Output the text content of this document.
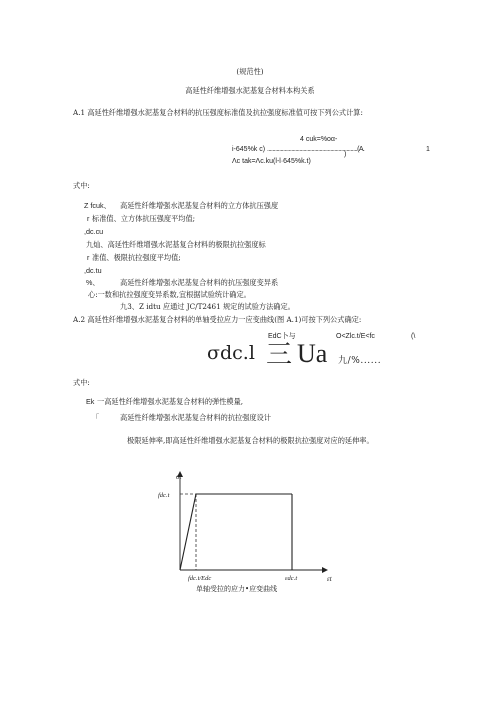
(规范性)
高延性纤维增强水泥基复合材料本构关系
A.1 高延性纤维增强水泥基复合材料的抗压强度标准值及抗拉强度标准值可按下列公式计算:
4 cuk=%oα-
i-645%k c) ...................................................................(A.	1
)
Λc tak=Λc.ku(l-l·645%k.t)
式中:
Z fcuk、 高延性纤维增强水泥基复合材料的立方体抗压强度
r 标准值、立方体抗压强度平均值;
,dc.cu
九灿、高延性纤维增强水泥基复合材料的极限抗拉强度标
r 准值、极限抗拉强度平均值;
,dc.tu
%、	高延性纤维增强水泥基复合材料的抗压强度变异系
心:一数和抗拉强度变异系数,宜根据试验统计确定。
九3、Z idtu 应通过 JC/T2461 规定的试验方法确定。
A.2 高延性纤维增强水泥基复合材料的单轴受拉应力一应变曲线(图 A.1)可按下列公式确定:
EdC卜与	O<Zlc.t/E<fc	(\
σdc.l 三 Ua 九/%......
式中:
Ek 一高延性纤维增强水泥基复合材料的弹性模量,
「	高延性纤维增强水泥基复合材料的抗拉强度设计
极限延伸率,即高延性纤维增强水泥基复合材料的极限抗拉强度对应的延伸率。
σt
fdc.t
εt
fdc.t/Edc	εdc.t
单轴受拉的应力•应变曲线
